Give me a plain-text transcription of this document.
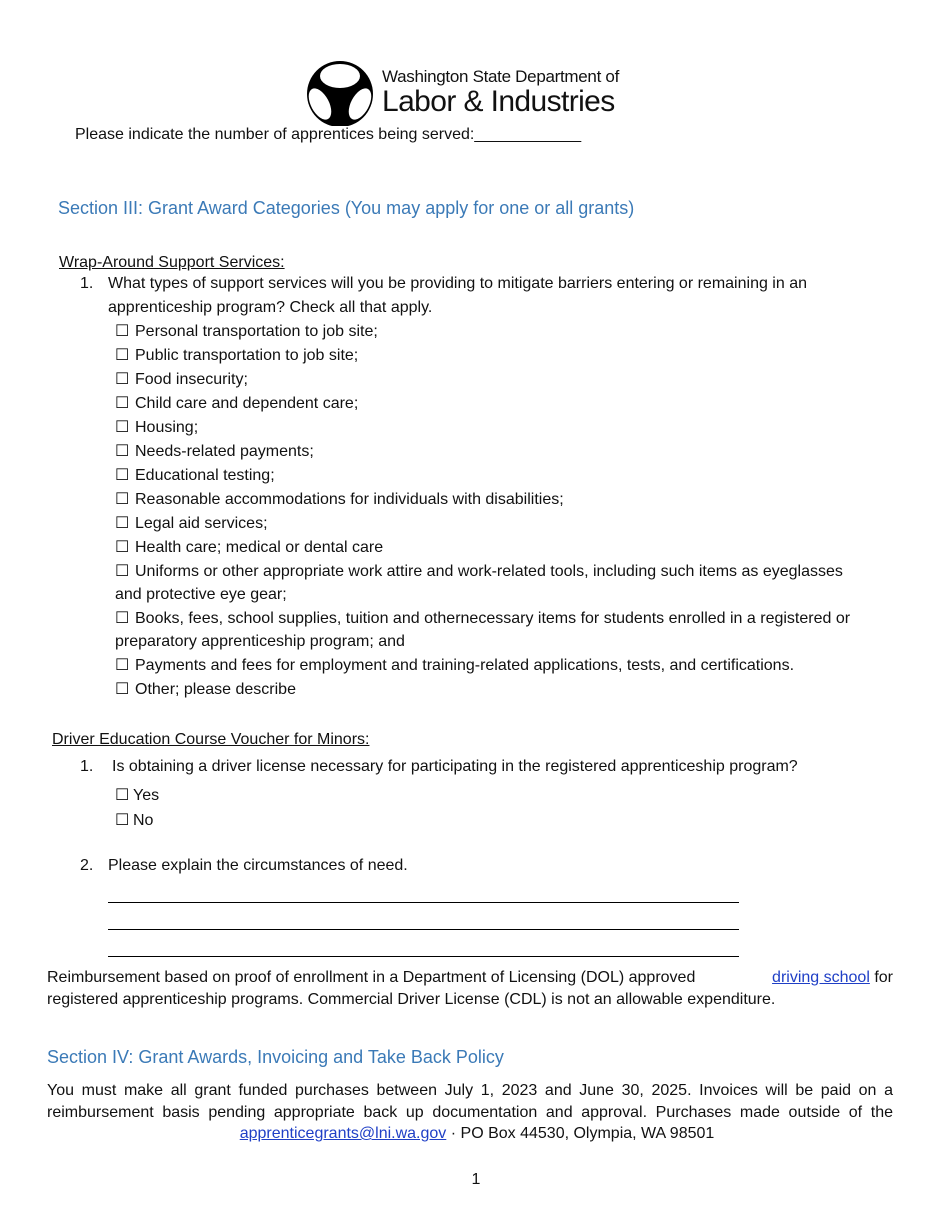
Washington State Department of
Labor & Industries
Please indicate the number of apprentices being served:____________
Section III: Grant Award Categories (You may apply for one or all grants)
Wrap-Around Support Services:
1. What types of support services will you be providing to mitigate barriers entering or remaining in an
apprenticeship program? Check all that apply.
☐ Personal transportation to job site;
☐ Public transportation to job site;
☐ Food insecurity;
☐ Child care and dependent care;
☐ Housing;
☐ Needs-related payments;
☐ Educational testing;
☐ Reasonable accommodations for individuals with disabilities;
☐ Legal aid services;
☐ Health care; medical or dental care
☐ Uniforms or other appropriate work attire and work-related tools, including such items as eyeglasses
and protective eye gear;
☐ Books, fees, school supplies, tuition and othernecessary items for students enrolled in a registered or
preparatory apprenticeship program; and
☐ Payments and fees for employment and training-related applications, tests, and certifications.
☐ Other; please describe
Driver Education Course Voucher for Minors:
1. Is obtaining a driver license necessary for participating in the registered apprenticeship program?
☐ Yes
☐ No
2. Please explain the circumstances of need.
Reimbursement based on proof of enrollment in a Department of Licensing (DOL) approved	driving school for
registered apprenticeship programs. Commercial Driver License (CDL) is not an allowable expenditure.
Section IV: Grant Awards, Invoicing and Take Back Policy
You must make all grant funded purchases between July 1, 2023 and June 30, 2025. Invoices will be paid on a
reimbursement basis pending appropriate back up documentation and approval. Purchases made outside of the
apprenticegrants@lni.wa.gov · PO Box 44530, Olympia, WA 98501
1
